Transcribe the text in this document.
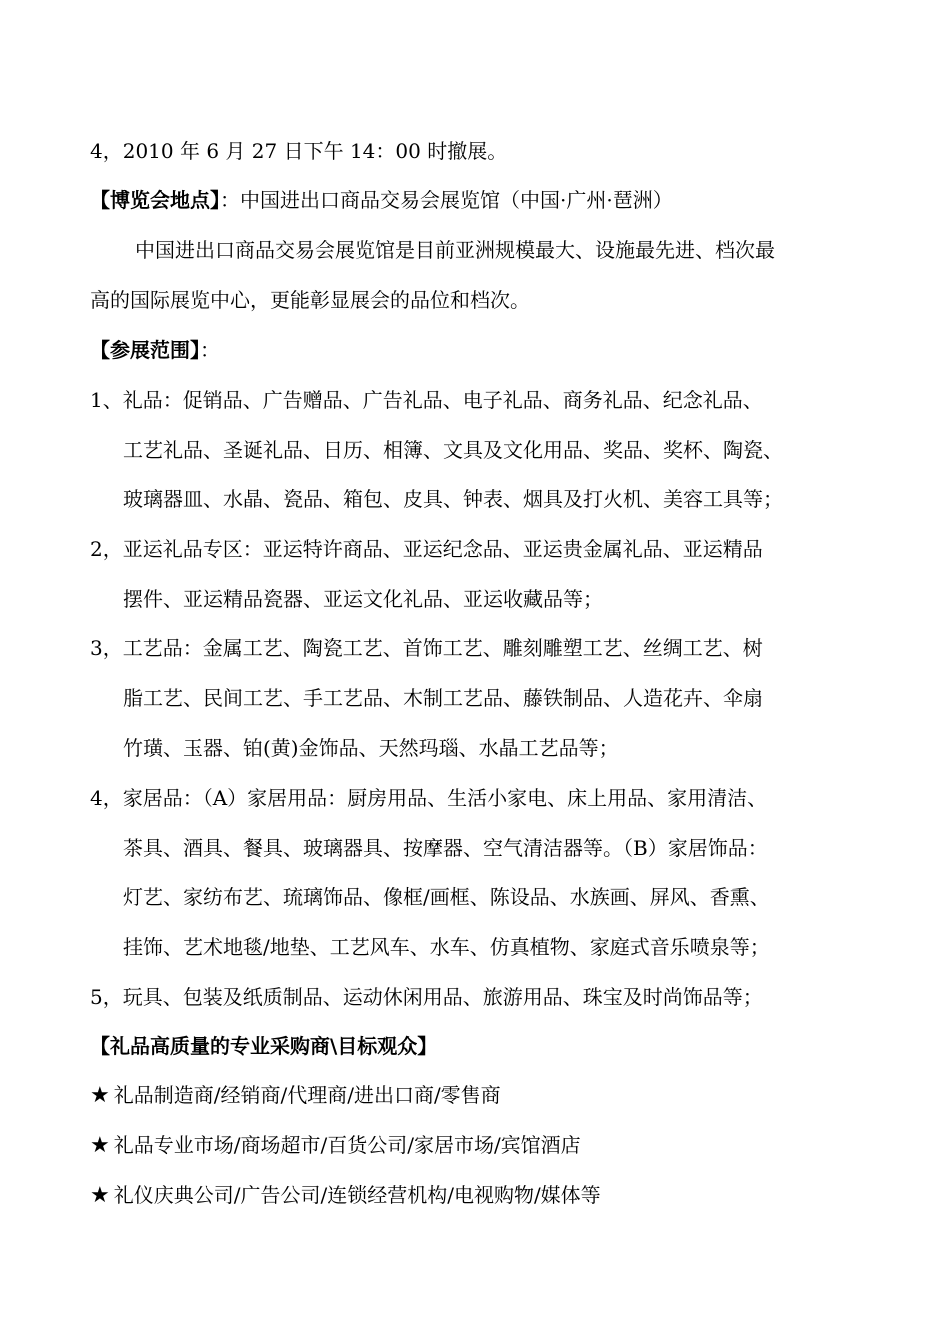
4，2010 年 6 月 27 日下午 14：00 时撤展。
【博览会地点】：中国进出口商品交易会展览馆（中国·广州·琶洲）
中国进出口商品交易会展览馆是目前亚洲规模最大、设施最先进、档次最
高的国际展览中心，更能彰显展会的品位和档次。
【参展范围】：
1、礼品：促销品、广告赠品、广告礼品、电子礼品、商务礼品、纪念礼品、
工艺礼品、圣诞礼品、日历、相簿、文具及文化用品、奖品、奖杯、陶瓷、
玻璃器皿、水晶、瓷品、箱包、皮具、钟表、烟具及打火机、美容工具等；
2，亚运礼品专区：亚运特许商品、亚运纪念品、亚运贵金属礼品、亚运精品
摆件、亚运精品瓷器、亚运文化礼品、亚运收藏品等；
3，工艺品：金属工艺、陶瓷工艺、首饰工艺、雕刻雕塑工艺、丝绸工艺、树
脂工艺、民间工艺、手工艺品、木制工艺品、藤铁制品、人造花卉、伞扇
竹璜、玉器、铂(黄)金饰品、天然玛瑙、水晶工艺品等；
4，家居品：（A）家居用品：厨房用品、生活小家电、床上用品、家用清洁、
茶具、酒具、餐具、玻璃器具、按摩器、空气清洁器等。（B）家居饰品：
灯艺、家纺布艺、琉璃饰品、像框/画框、陈设品、水族画、屏风、香熏、
挂饰、艺术地毯/地垫、工艺风车、水车、仿真植物、家庭式音乐喷泉等；
5，玩具、包装及纸质制品、运动休闲用品、旅游用品、珠宝及时尚饰品等；
【礼品高质量的专业采购商\目标观众】
★ 礼品制造商/经销商/代理商/进出口商/零售商
★ 礼品专业市场/商场超市/百货公司/家居市场/宾馆酒店
★ 礼仪庆典公司/广告公司/连锁经营机构/电视购物/媒体等
